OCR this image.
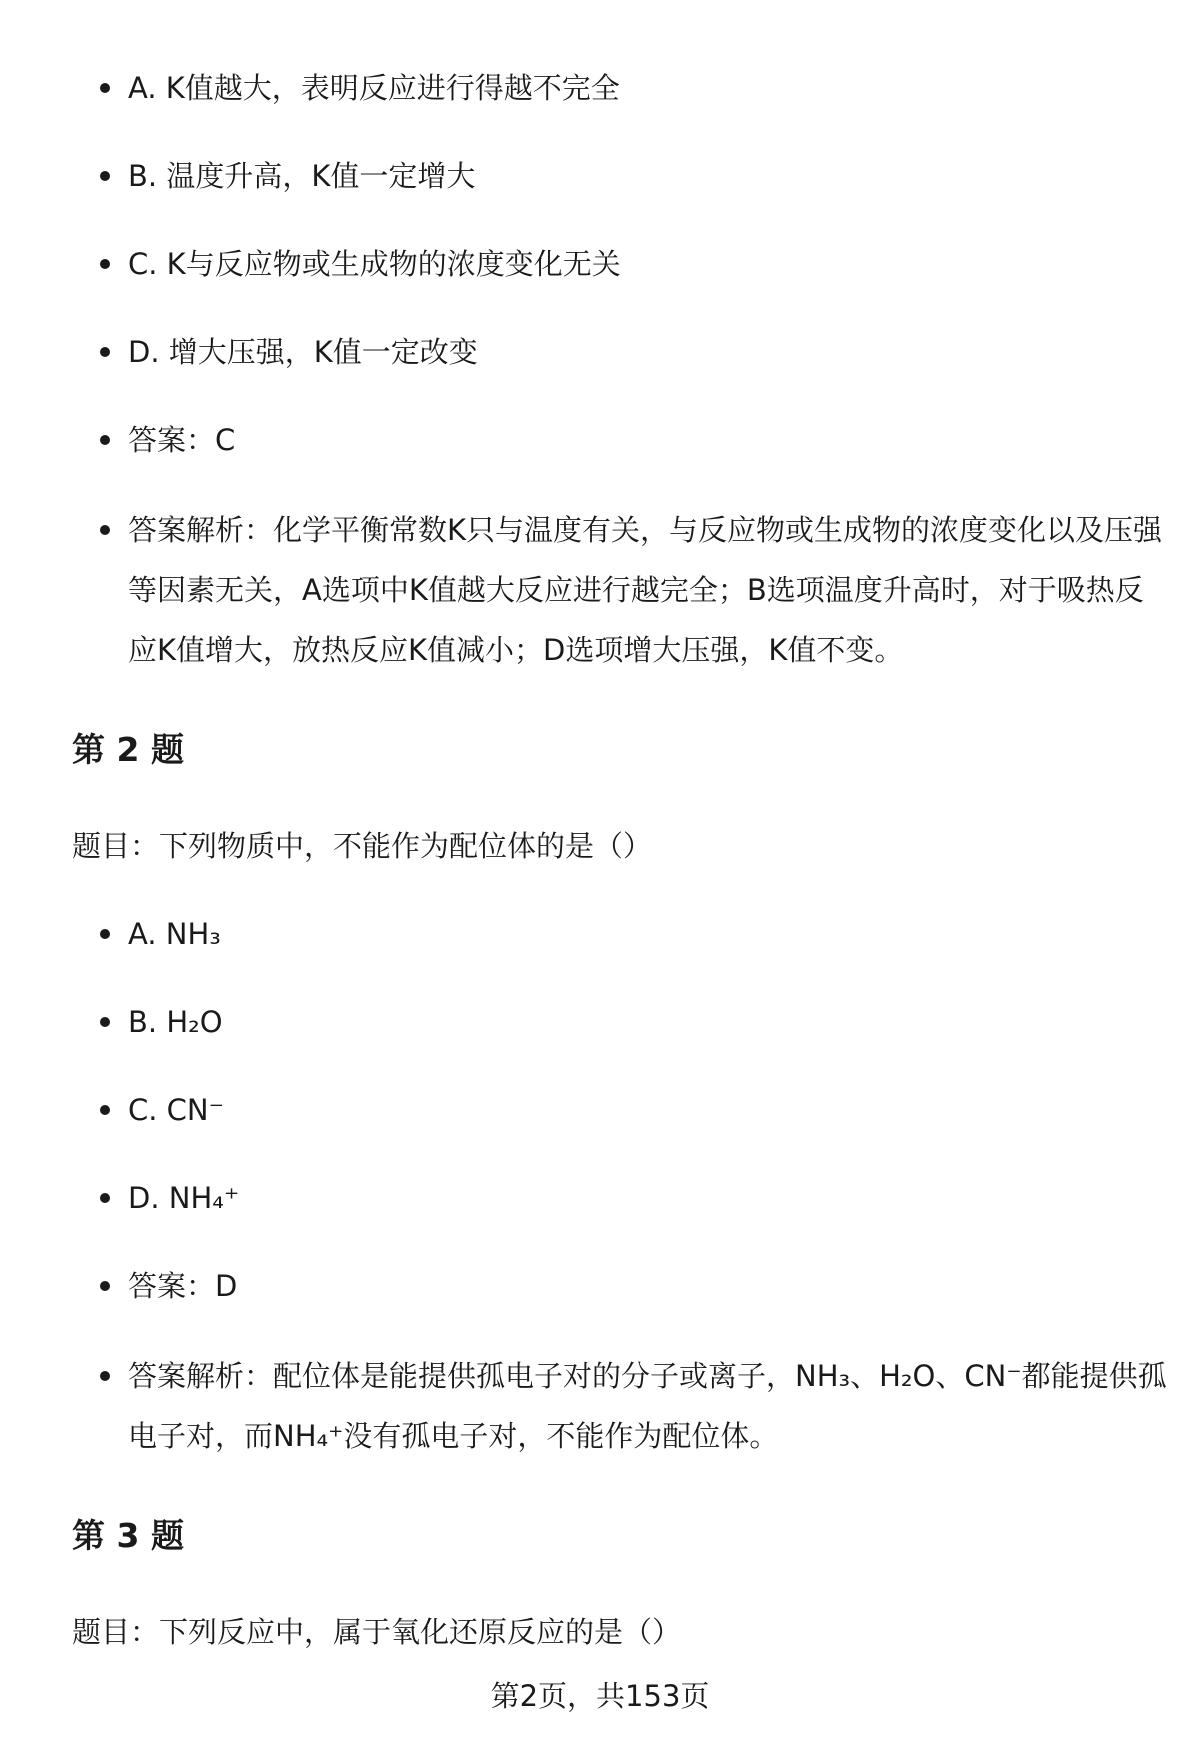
A. K值越大，表明反应进行得越不完全
B. 温度升高，K值一定增大
C. K与反应物或生成物的浓度变化无关
D. 增大压强，K值一定改变
答案：C
答案解析：化学平衡常数K只与温度有关，与反应物或生成物的浓度变化以及压强等因素无关，A选项中K值越大反应进行越完全；B选项温度升高时，对于吸热反应K值增大，放热反应K值减小；D选项增大压强，K值不变。
第 2 题

题目：下列物质中，不能作为配位体的是（）

A. NH₃
B. H₂O
C. CN⁻
D. NH₄⁺
答案：D
答案解析：配位体是能提供孤电子对的分子或离子，NH₃、H₂O、CN⁻都能提供孤电子对，而NH₄⁺没有孤电子对，不能作为配位体。
第 3 题

题目：下列反应中，属于氧化还原反应的是（）

第2页，共153页
